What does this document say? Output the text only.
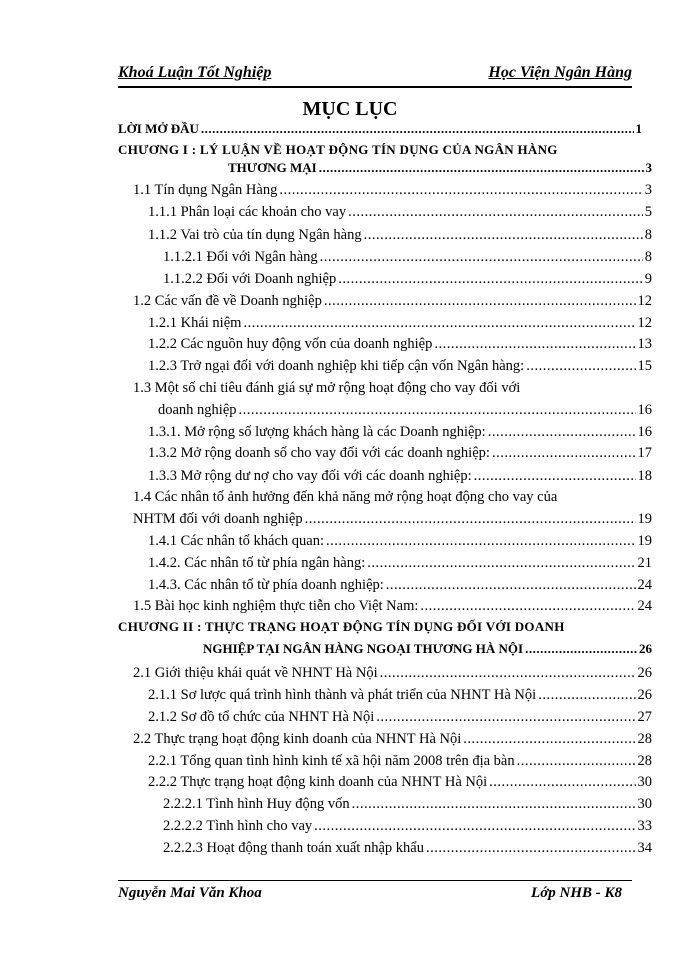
Khoá Luận Tốt Nghiệp	Học Viện Ngân Hàng
MỤC LỤC
LỜI MỞ ĐẦU .....	1
CHƯƠNG I : LÝ LUẬN VỀ HOẠT ĐỘNG TÍN DỤNG CỦA NGÂN HÀNG
THƯƠNG MẠI .....	3
1.1 Tín dụng Ngân Hàng .....	3
1.1.1 Phân loại các khoản cho vay .....	5
1.1.2 Vai trò của tín dụng Ngân hàng .....	8
1.1.2.1 Đối với Ngân hàng .....	8
1.1.2.2 Đối với Doanh nghiệp .....	9
1.2 Các vấn đề về Doanh nghiệp .....	12
1.2.1 Khái niệm .....	12
1.2.2 Các nguồn huy động vốn của doanh nghiệp .....	13
1.2.3 Trở ngại đối với doanh nghiệp khi tiếp cận vốn Ngân hàng: .....	15
1.3 Một số chỉ tiêu đánh giá sự mở rộng hoạt động cho vay đối với
doanh nghiệp .....	16
1.3.1. Mở rộng số lượng khách hàng là các Doanh nghiệp: .....	16
1.3.2 Mở rộng doanh số cho vay đối với các doanh nghiệp: .....	17
1.3.3 Mở rộng dư nợ cho vay đối với các doanh nghiệp: .....	18
1.4 Các nhân tố ảnh hưởng đến khả năng mở rộng hoạt động cho vay của
NHTM đối với doanh nghiệp .....	19
1.4.1 Các nhân tố khách quan: .....	19
1.4.2. Các nhân tố từ phía ngân hàng: .....	21
1.4.3. Các nhân tố từ phía doanh nghiệp: .....	24
1.5 Bài học kinh nghiệm thực tiễn cho Việt Nam: .....	24
CHƯƠNG II : THỰC TRẠNG HOẠT ĐỘNG TÍN DỤNG ĐỐI VỚI DOANH
NGHIỆP TẠI NGÂN HÀNG NGOẠI THƯƠNG HÀ NỘI .....	26
2.1 Giới thiệu khái quát về NHNT Hà Nội .....	26
2.1.1 Sơ lược quá trình hình thành và phát triển của NHNT Hà Nội .....	26
2.1.2 Sơ đồ tổ chức của NHNT Hà Nội .....	27
2.2 Thực trạng hoạt động kinh doanh của NHNT Hà Nội .....	28
2.2.1 Tổng quan tình hình kinh tế xã hội năm 2008 trên địa bàn .....	28
2.2.2 Thực trạng hoạt động kinh doanh của NHNT Hà Nội .....	30
2.2.2.1 Tình hình Huy động vốn .....	30
2.2.2.2 Tình hình cho vay .....	33
2.2.2.3 Hoạt động thanh toán xuất nhập khẩu .....	34
Nguyễn Mai Văn Khoa	Lớp NHB - K8
